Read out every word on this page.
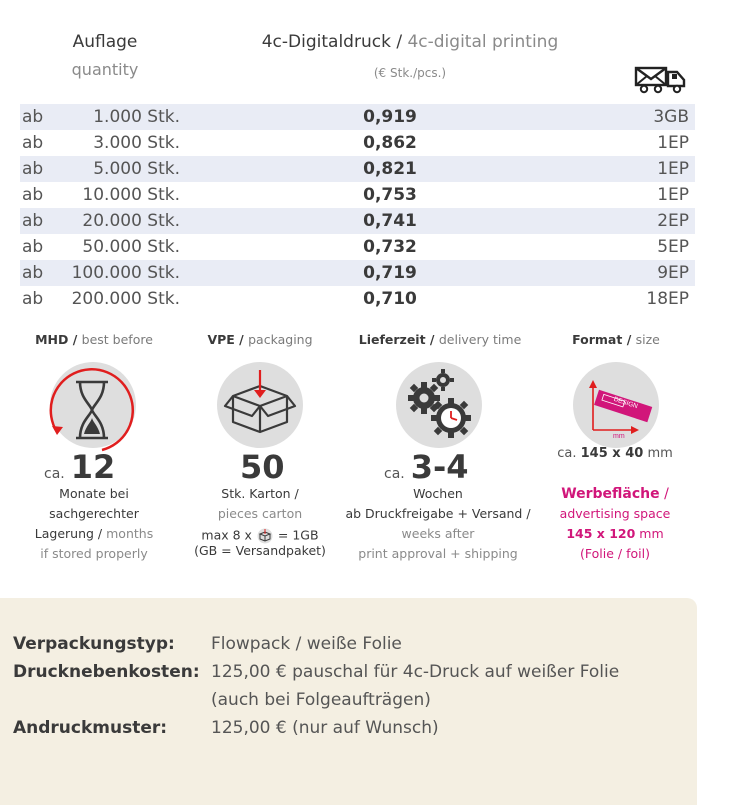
Auflage
quantity
4c-Digitaldruck / 4c-digital printing
(€ Stk./pcs.)
ab	1.000 Stk.	0,919	3GB
ab	3.000 Stk.	0,862	1EP
ab	5.000 Stk.	0,821	1EP
ab	10.000 Stk.	0,753	1EP
ab	20.000 Stk.	0,741	2EP
ab	50.000 Stk.	0,732	5EP
ab	100.000 Stk.	0,719	9EP
ab	200.000 Stk.	0,710	18EP
MHD / best before
ca. 12
Monate bei
sachgerechter
Lagerung / months
if stored properly
VPE / packaging
50
Stk. Karton /
pieces carton
max 8 x = 1GB
(GB = Versandpaket)
Lieferzeit / delivery time
ca. 3-4
Wochen
ab Druckfreigabe + Versand /
weeks after
print approval + shipping
Format / size
DESIGN
mm
ca. 145 x 40 mm
Werbefläche /
advertising space
145 x 120 mm
(Folie / foil)
Verpackungstyp: Flowpack / weiße Folie
Drucknebenkosten: 125,00 € pauschal für 4c-Druck auf weißer Folie
(auch bei Folgeaufträgen)
Andruckmuster:	125,00 € (nur auf Wunsch)
